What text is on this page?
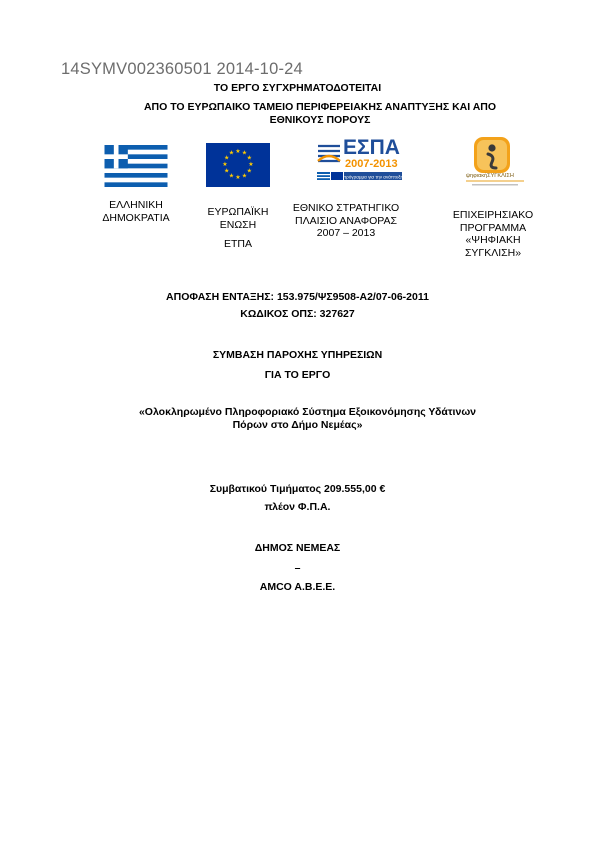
14SYMV002360501 2014-10-24
ΤΟ ΕΡΓΟ ΣΥΓΧΡΗΜΑΤΟΔΟΤΕΙΤΑΙ
ΑΠΟ ΤΟ ΕΥΡΩΠΑΙΚΟ ΤΑΜΕΙΟ ΠΕΡΙΦΕΡΕΙΑΚΗΣ ΑΝΑΠΤΥΞΗΣ ΚΑΙ ΑΠΟ
ΕΘΝΙΚΟΥΣ ΠΟΡΟΥΣ
★ ★
★
★
★
★
★
★
★
★
★
★
πρόγραμμα για την ανάπτυξη
ΕΣΠΑ
2007-2013
ψηφιακήΣΥΓΚΛΙΣΗ
ΕΛΛΗΝΙΚΗ
ΔΗΜΟΚΡΑΤΙΑ	ΕΥΡΩΠΑΪΚΗ
ΕΝΩΣΗ
ΕΤΠΑ
ΕΘΝΙΚΟ ΣΤΡΑΤΗΓΙΚΟ
ΠΛΑΙΣΙΟ ΑΝΑΦΟΡΑΣ
2007 – 2013
ΕΠΙΧΕΙΡΗΣΙΑΚΟ
ΠΡΟΓΡΑΜΜΑ
«ΨΗΦΙΑΚΗ
ΣΥΓΚΛΙΣΗ»
ΑΠΟΦΑΣΗ ΕΝΤΑΞΗΣ: 153.975/ΨΣ9508-Α2/07-06-2011
ΚΩΔΙΚΟΣ ΟΠΣ: 327627
ΣΥΜΒΑΣΗ ΠΑΡΟΧΗΣ ΥΠΗΡΕΣΙΩΝ
ΓΙΑ ΤΟ ΕΡΓΟ
«Ολοκληρωμένο Πληροφοριακό Σύστημα Εξοικονόμησης Υδάτινων
Πόρων στο Δήμο Νεμέας»
Συμβατικού Τιμήματος 209.555,00 €
πλέον Φ.Π.Α.
ΔΗΜΟΣ ΝΕΜΕΑΣ
–
AMCO A.B.E.E.
